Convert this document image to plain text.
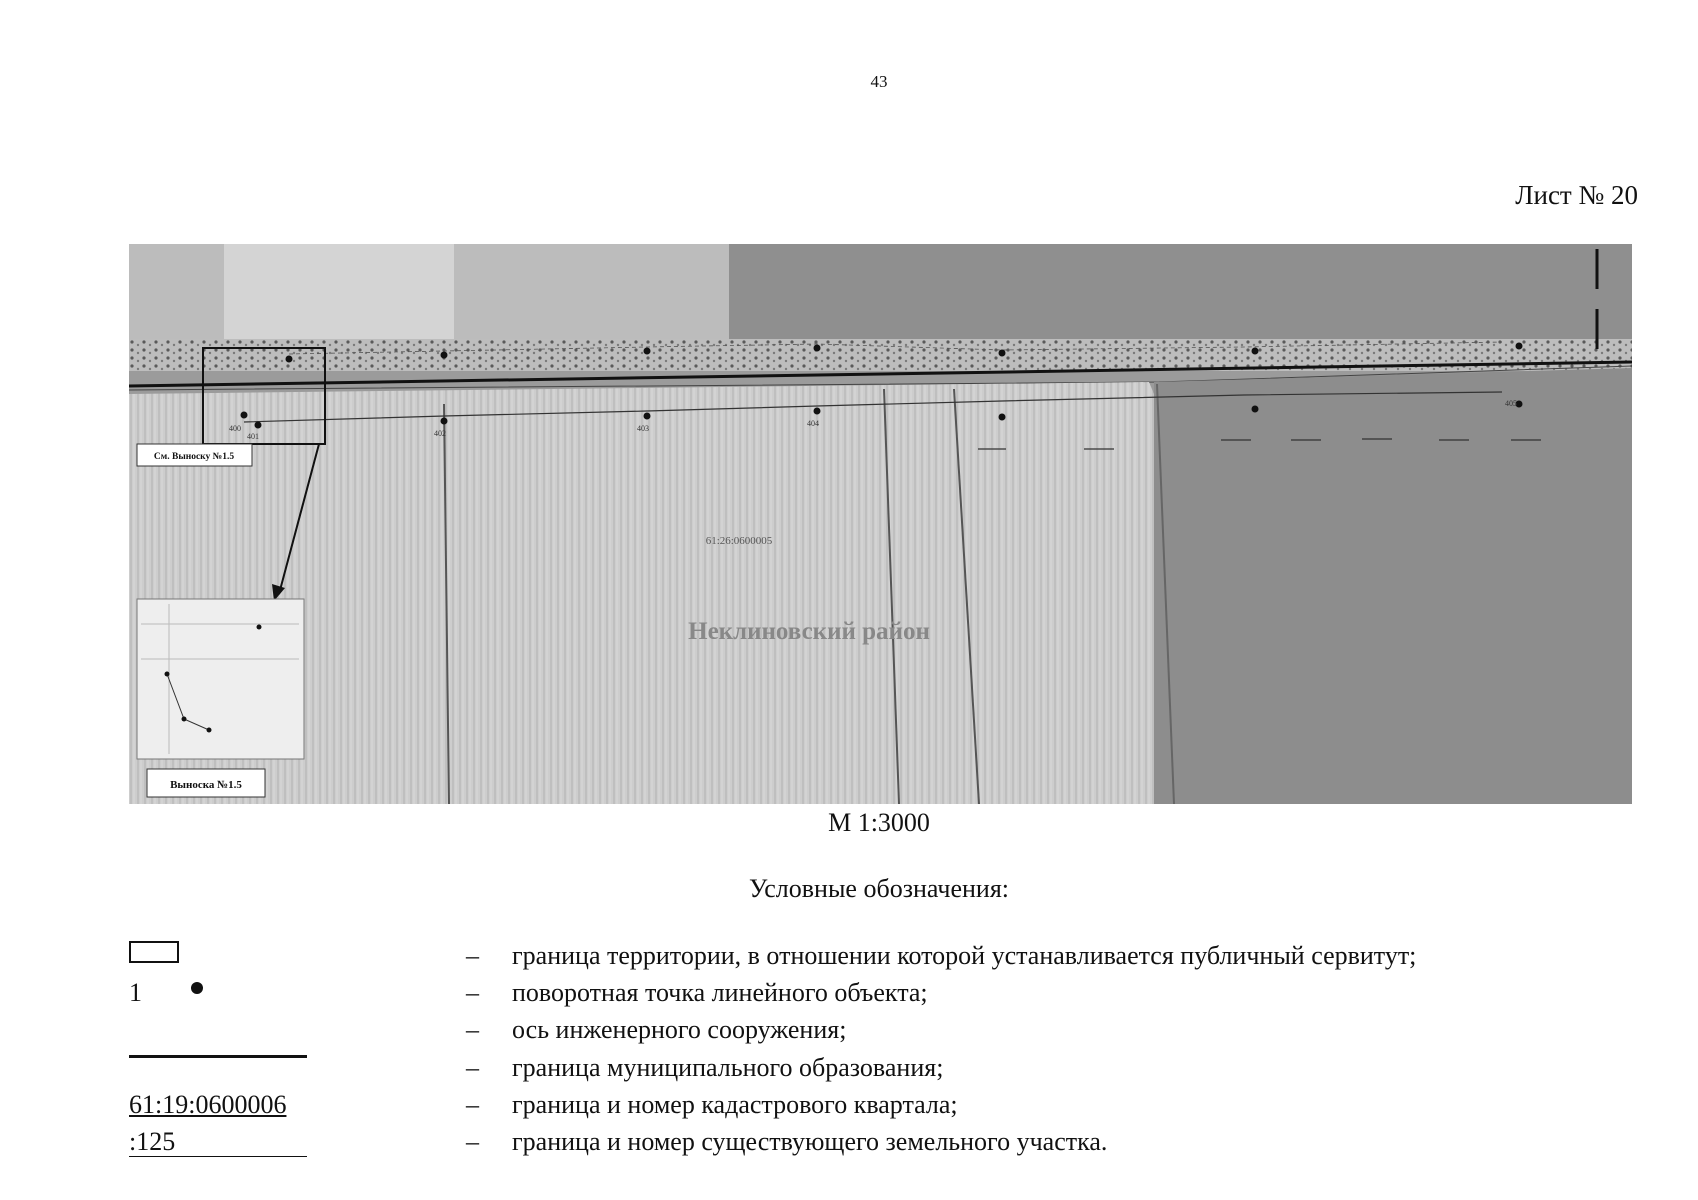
43
Лист № 20
400
401	402
403
404
405
61:26:0600005
Неклиновский район
См. Выноску №1.5
Выноска №1.5
М 1:3000
Условные обозначения:
1
61:19:0600006
:125
–
–
–
–
–
–
граница территории, в отношении которой устанавливается публичный сервитут;
поворотная точка линейного объекта;
ось инженерного сооружения;
граница муниципального образования;
граница и номер кадастрового квартала;
граница и номер существующего земельного участка.
